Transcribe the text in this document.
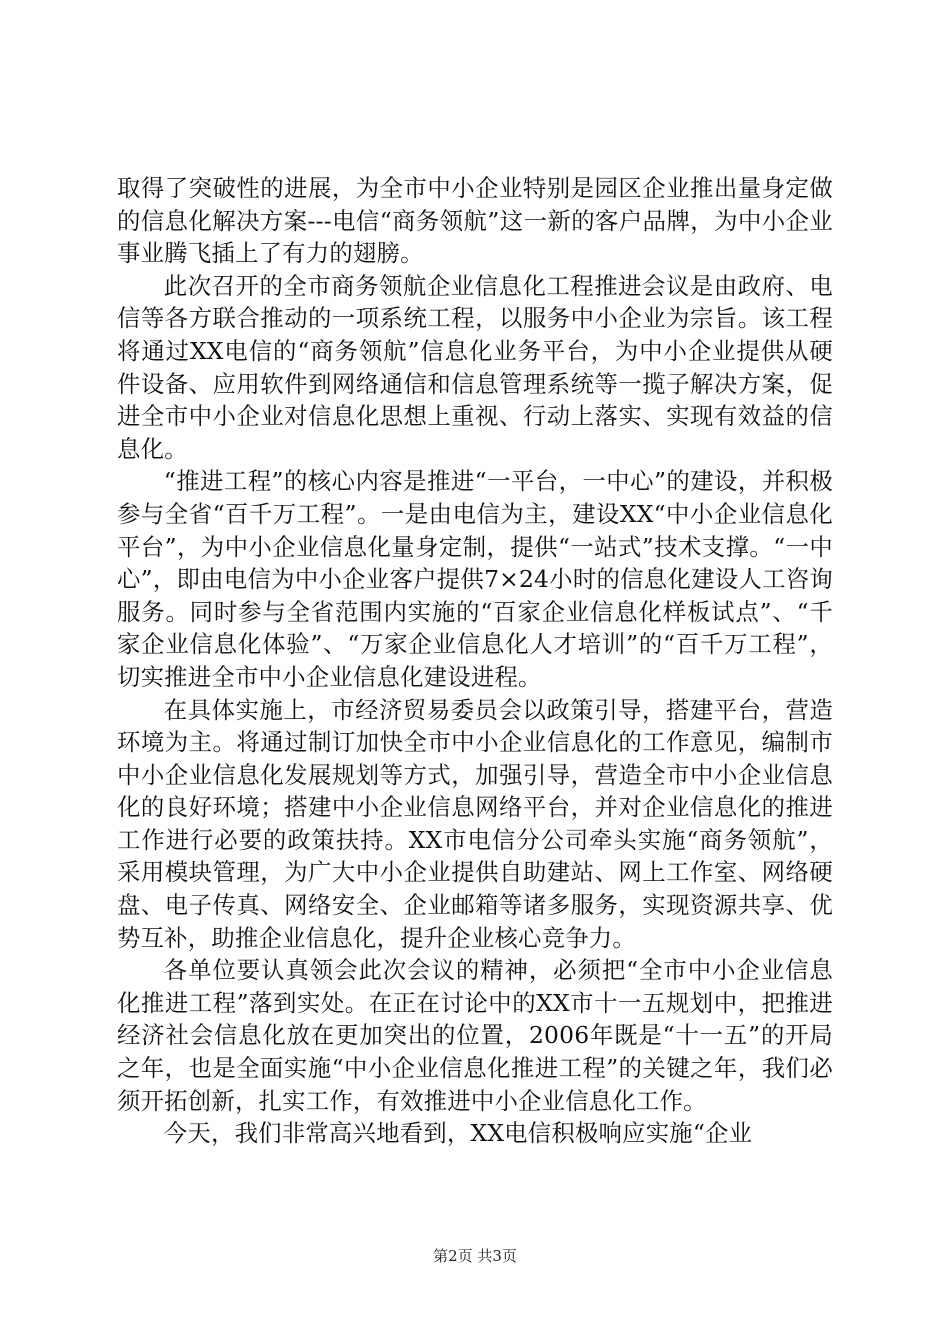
取得了突破性的进展，为全市中小企业特别是园区企业推出量身定做的信息化解决方案---电信“商务领航”这一新的客户品牌，为中小企业事业腾飞插上了有力的翅膀。

此次召开的全市商务领航企业信息化工程推进会议是由政府、电信等各方联合推动的一项系统工程，以服务中小企业为宗旨。该工程将通过XX电信的“商务领航”信息化业务平台，为中小企业提供从硬件设备、应用软件到网络通信和信息管理系统等一揽子解决方案，促进全市中小企业对信息化思想上重视、行动上落实、实现有效益的信息化。

“推进工程”的核心内容是推进“一平台，一中心”的建设，并积极参与全省“百千万工程”。一是由电信为主，建设XX“中小企业信息化平台”，为中小企业信息化量身定制，提供“一站式”技术支撑。“一中心”，即由电信为中小企业客户提供7×24小时的信息化建设人工咨询服务。同时参与全省范围内实施的“百家企业信息化样板试点”、“千家企业信息化体验”、“万家企业信息化人才培训”的“百千万工程”，切实推进全市中小企业信息化建设进程。

在具体实施上，市经济贸易委员会以政策引导，搭建平台，营造环境为主。将通过制订加快全市中小企业信息化的工作意见，编制市中小企业信息化发展规划等方式，加强引导，营造全市中小企业信息化的良好环境；搭建中小企业信息网络平台，并对企业信息化的推进工作进行必要的政策扶持。XX市电信分公司牵头实施“商务领航”，采用模块管理，为广大中小企业提供自助建站、网上工作室、网络硬盘、电子传真、网络安全、企业邮箱等诸多服务，实现资源共享、优势互补，助推企业信息化，提升企业核心竞争力。

各单位要认真领会此次会议的精神，必须把“全市中小企业信息化推进工程”落到实处。在正在讨论中的XX市十一五规划中，把推进经济社会信息化放在更加突出的位置，2006年既是“十一五”的开局之年，也是全面实施“中小企业信息化推进工程”的关键之年，我们必须开拓创新，扎实工作，有效推进中小企业信息化工作。

今天，我们非常高兴地看到，XX电信积极响应实施“企业

第2页 共3页
